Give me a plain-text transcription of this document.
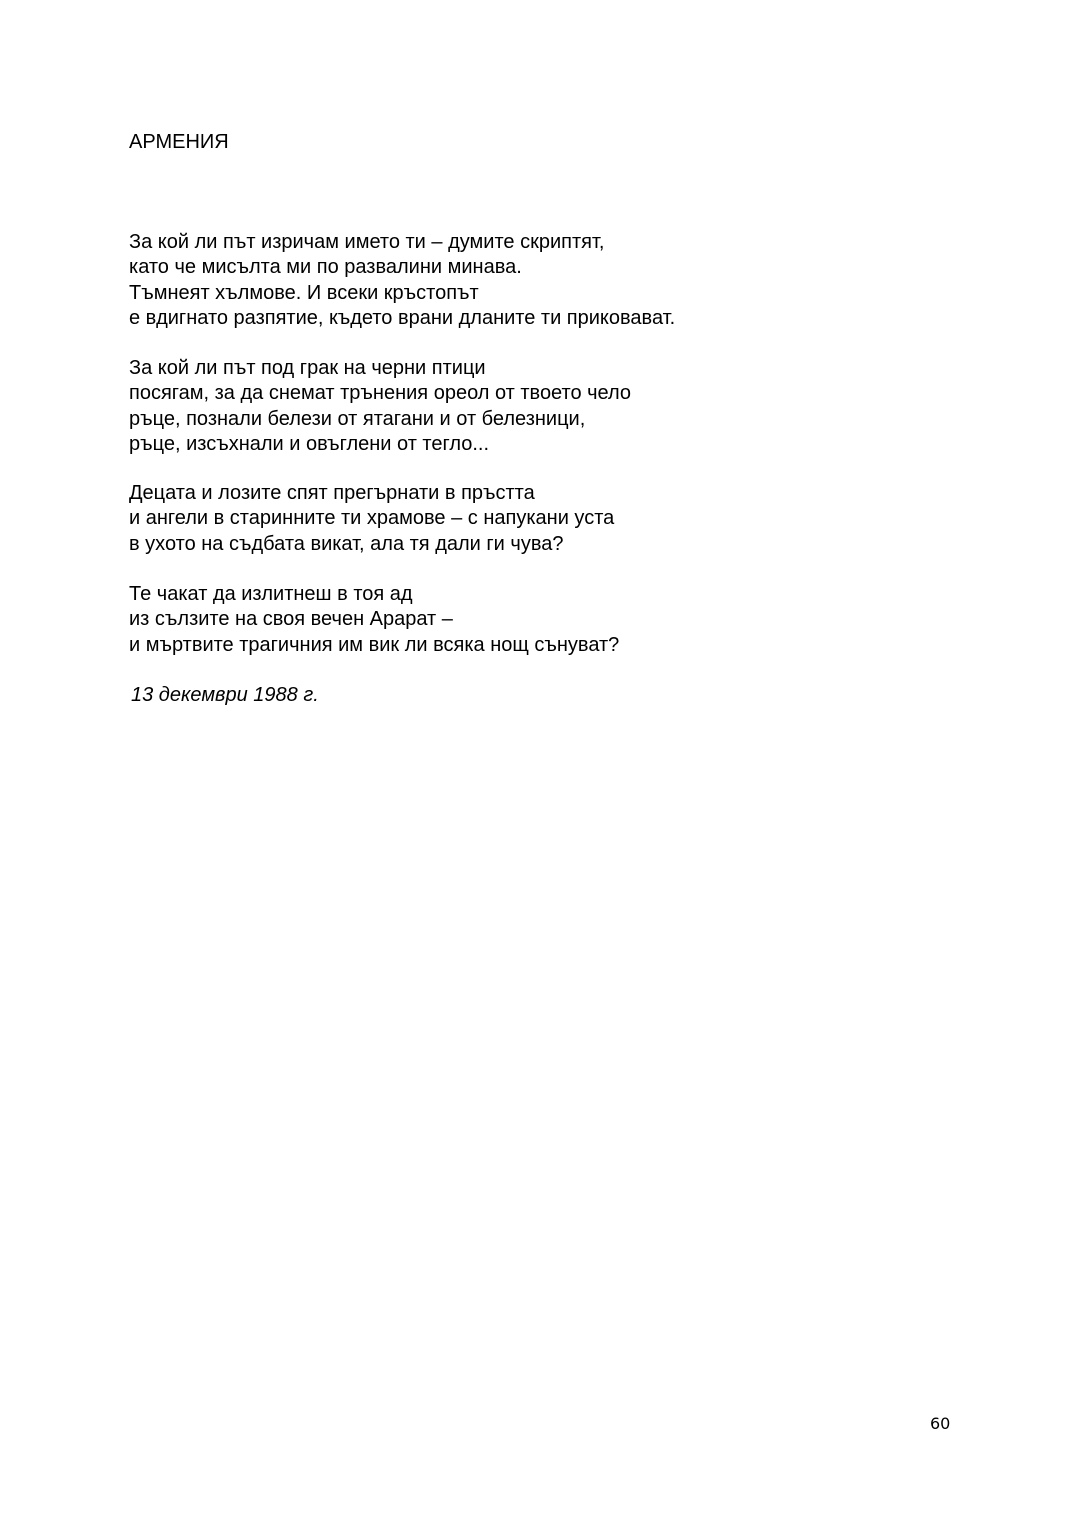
АРМЕНИЯ
За кой ли път изричам името ти – думите скриптят,
като че мисълта ми по развалини минава.
Тъмнеят хълмове. И всеки кръстопът
е вдигнато разпятие, където врани дланите ти приковават.
За кой ли път под грак на черни птици
посягам, за да снемат трънения ореол от твоето чело
ръце, познали белези от ятагани и от белезници,
ръце, изсъхнали и овъглени от тегло...
Децата и лозите спят прегърнати в пръстта
и ангели в старинните ти храмове – с напукани уста
в ухото на съдбата викат, ала тя дали ги чува?
Те чакат да излитнеш в тоя ад
из сълзите на своя вечен Арарат –
и мъртвите трагичния им вик ли всяка нощ сънуват?
13 декември 1988 г.
60
